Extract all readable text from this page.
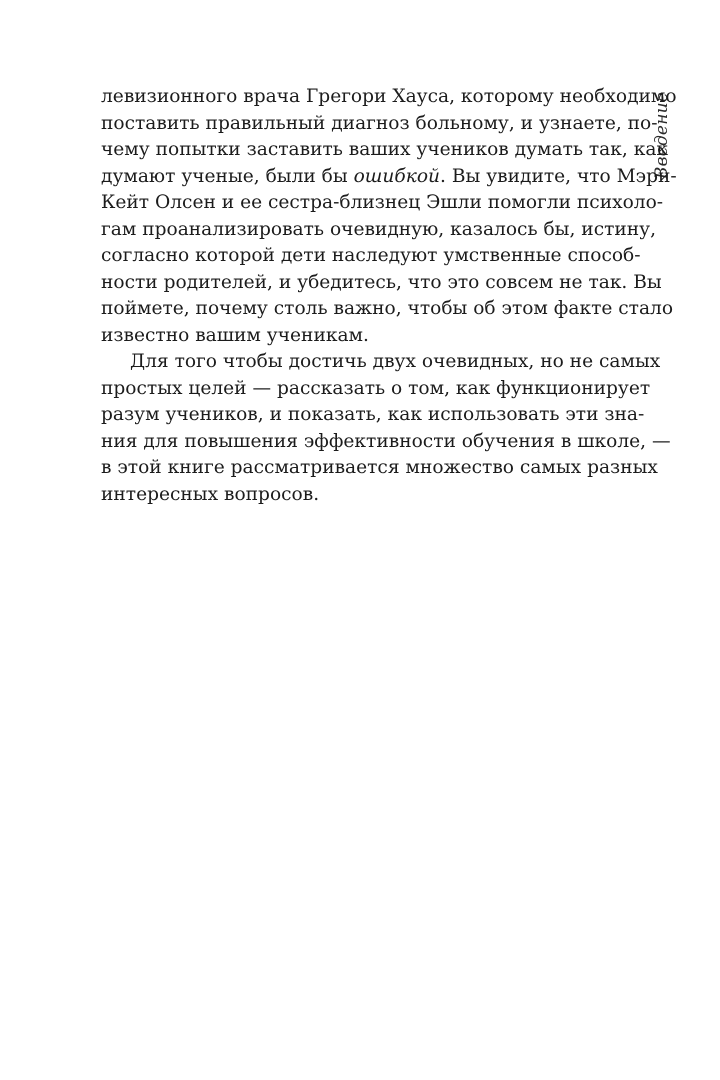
Введение
левизионного врача Грегори Хауса, которому необходимо
поставить правильный диагноз больному, и узнаете, по-
чему попытки заставить ваших учеников думать так, как
думают ученые, были бы ошибкой. Вы увидите, что Мэри-
Кейт Олсен и ее сестра-близнец Эшли помогли психоло-
гам проанализировать очевидную, казалось бы, истину,
согласно которой дети наследуют умственные способ-
ности родителей, и убедитесь, что это совсем не так. Вы
поймете, почему столь важно, чтобы об этом факте стало
известно вашим ученикам.
Для того чтобы достичь двух очевидных, но не самых
простых целей — рассказать о том, как функционирует
разум учеников, и показать, как использовать эти зна-
ния для повышения эффективности обучения в школе, —
в этой книге рассматривается множество самых разных
интересных вопросов.
